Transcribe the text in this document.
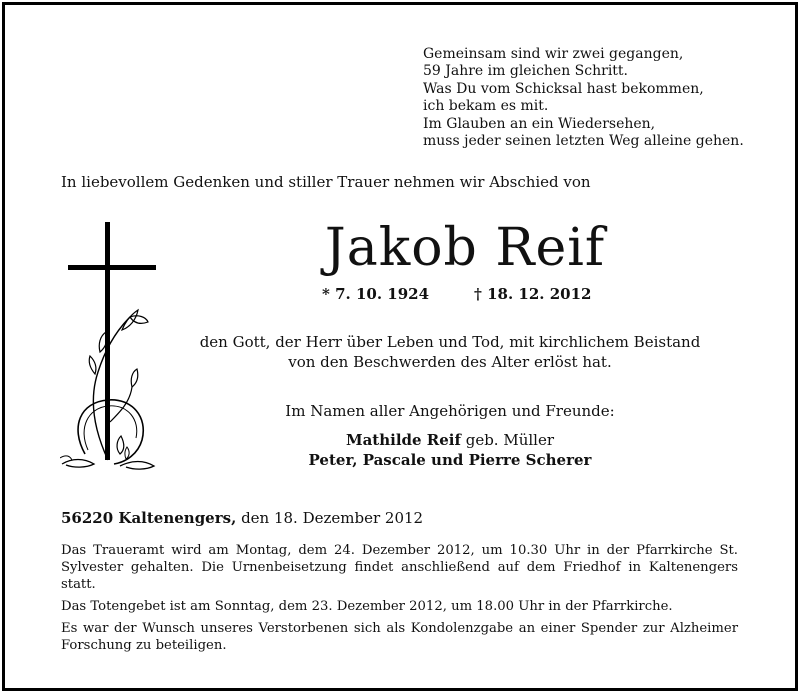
Gemeinsam sind wir zwei gegangen,
59 Jahre im gleichen Schritt.
Was Du vom Schicksal hast bekommen,
ich bekam es mit.
Im Glauben an ein Wiedersehen,
muss jeder seinen letzten Weg alleine gehen.
In liebevollem Gedenken und stiller Trauer nehmen wir Abschied von
Jakob Reif
* 7. 10. 1924	† 18. 12. 2012
den Gott, der Herr über Leben und Tod, mit kirchlichem Beistand
von den Beschwerden des Alter erlöst hat.
Im Namen aller Angehörigen und Freunde:
Mathilde Reif geb. Müller
Peter, Pascale und Pierre Scherer
56220 Kaltenengers, den 18. Dezember 2012

Das Traueramt wird am Montag, dem 24. Dezember 2012, um 10.30 Uhr in der Pfarrkirche St. Sylvester gehalten. Die Urnenbeisetzung findet anschließend auf dem Friedhof in Kaltenengers statt.

Das Totengebet ist am Sonntag, dem 23. Dezember 2012, um 18.00 Uhr in der Pfarrkirche.

Es war der Wunsch unseres Verstorbenen sich als Kondolenzgabe an einer Spender zur Alzheimer Forschung zu beteiligen.
